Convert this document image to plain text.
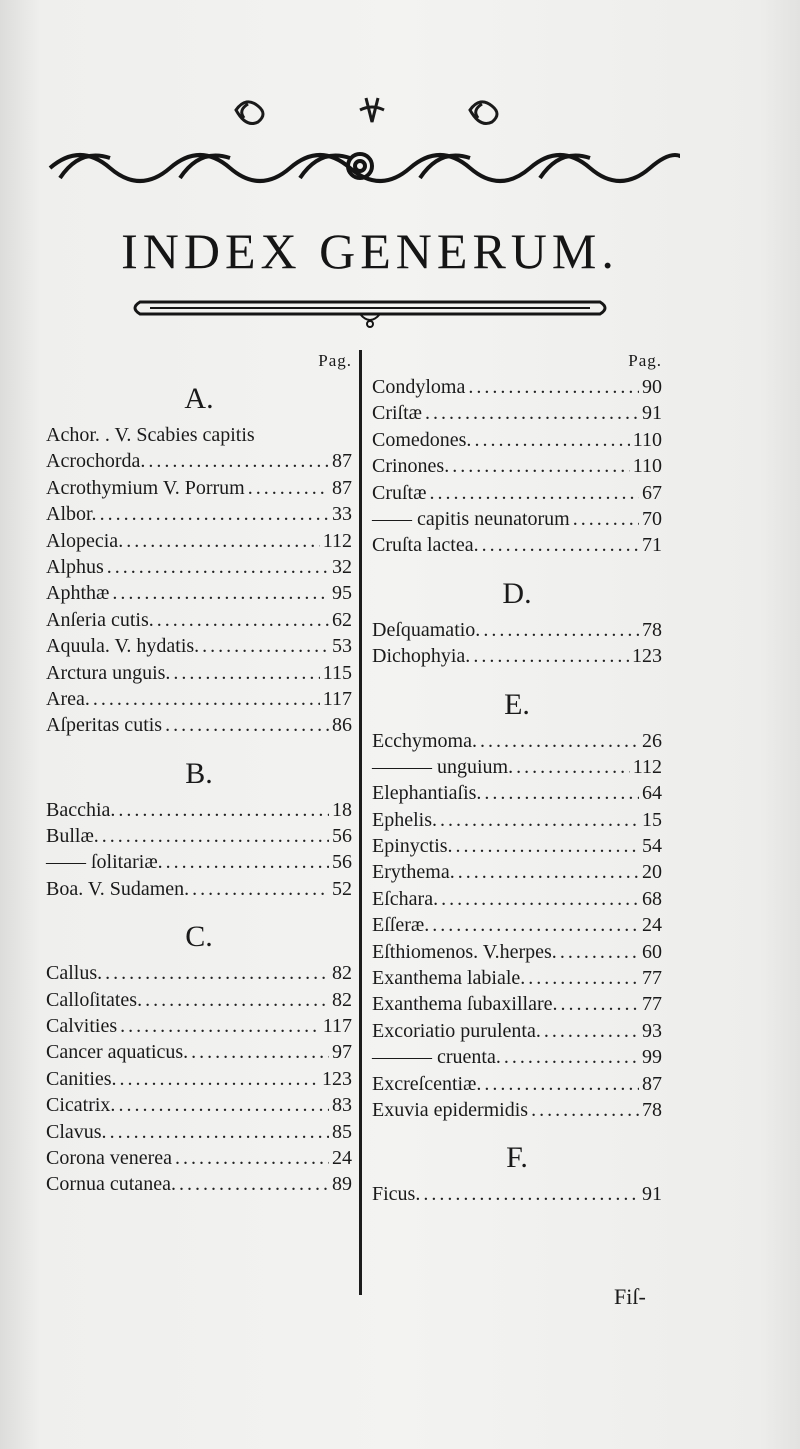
INDEX GENERUM.
Pag.
A.
Achor. . V. Scabies capitis
Acrochorda. .....	87
Acrothymium V. Porrum .....	87
Albor. .....	33
Alopecia. .....	112
Alphus .....	32
Aphthæ .....	95
Anſeria cutis. .....	62
Aquula. V. hydatis. .....	53
Arctura unguis. .....	115
Area. .....	117
Aſperitas cutis .....	86
B.
Bacchia. .....	18
Bullæ. .....	56
—— ſolitariæ. .....	56
Boa. V. Sudamen. .....	52
C.
Callus. .....	82
Calloſitates. .....	82
Calvities .....	117
Cancer aquaticus. .....	97
Canities. .....	123
Cicatrix. .....	83
Clavus. .....	85
Corona venerea .....	24
Cornua cutanea. .....	89
Pag.
Condyloma .....	90
Criſtæ .....	91
Comedones. .....	110
Crinones. .....	110
Cruſtæ .....	67
—— capitis neunatorum .....	70
Cruſta lactea. .....	71
D.
Deſquamatio. .....	78
Dichophyia. .....	123
E.
Ecchymoma. .....	26
——— unguium. .....	112
Elephantiaſis. .....	64
Ephelis. .....	15
Epinyctis. .....	54
Erythema. .....	20
Eſchara. .....	68
Eſſeræ. .....	24
Eſthiomenos. V.herpes. .....	60
Exanthema labiale. .....	77
Exanthema ſubaxillare. .....	77
Excoriatio purulenta. .....	93
——— cruenta. .....	99
Excreſcentiæ. .....	87
Exuvia epidermidis .....	78
F.
Ficus. .....	91
Fiſ-
